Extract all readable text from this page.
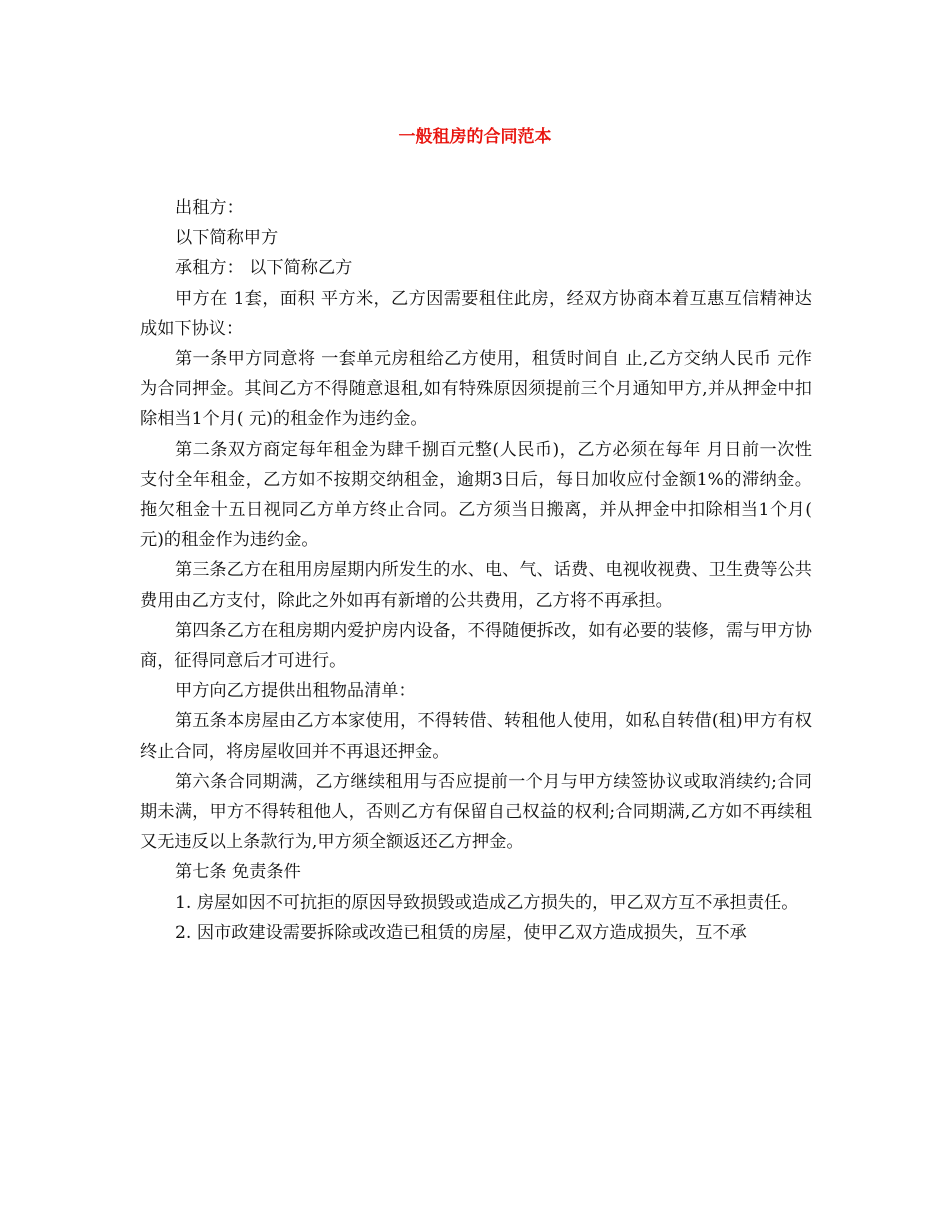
一般租房的合同范本

出租方：

以下简称甲方

承租方： 以下简称乙方

甲方在 1套，面积 平方米，乙方因需要租住此房，经双方协商本着互惠互信精神达成如下协议：

第一条甲方同意将 一套单元房租给乙方使用，租赁时间自 止,乙方交纳人民币 元作为合同押金。其间乙方不得随意退租,如有特殊原因须提前三个月通知甲方,并从押金中扣除相当1个月( 元)的租金作为违约金。

第二条双方商定每年租金为肆千捌百元整(人民币)，乙方必须在每年 月日前一次性支付全年租金，乙方如不按期交纳租金，逾期3日后，每日加收应付金额1%的滞纳金。拖欠租金十五日视同乙方单方终止合同。乙方须当日搬离，并从押金中扣除相当1个月( 元)的租金作为违约金。

第三条乙方在租用房屋期内所发生的水、电、气、话费、电视收视费、卫生费等公共费用由乙方支付，除此之外如再有新增的公共费用，乙方将不再承担。

第四条乙方在租房期内爱护房内设备，不得随便拆改，如有必要的装修，需与甲方协商，征得同意后才可进行。

甲方向乙方提供出租物品清单：

第五条本房屋由乙方本家使用，不得转借、转租他人使用，如私自转借(租)甲方有权终止合同，将房屋收回并不再退还押金。

第六条合同期满，乙方继续租用与否应提前一个月与甲方续签协议或取消续约;合同期未满，甲方不得转租他人，否则乙方有保留自己权益的权利;合同期满,乙方如不再续租又无违反以上条款行为,甲方须全额返还乙方押金。

第七条 免责条件

1. 房屋如因不可抗拒的原因导致损毁或造成乙方损失的，甲乙双方互不承担责任。

2. 因市政建设需要拆除或改造已租赁的房屋，使甲乙双方造成损失，互不承
